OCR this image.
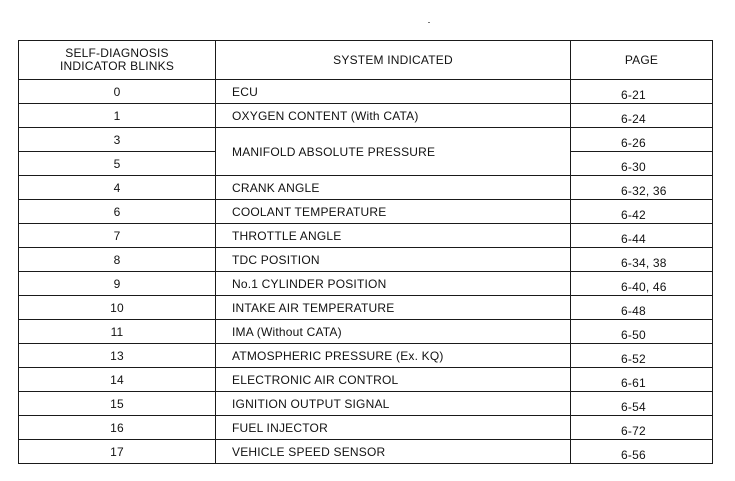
SELF-DIAGNOSIS
INDICATOR BLINKS	SYSTEM INDICATED	PAGE
0	ECU	6-21
1	OXYGEN CONTENT (With CATA)	6-24
3	MANIFOLD ABSOLUTE PRESSURE	6-26
5		6-30
4	CRANK ANGLE	6-32, 36
6	COOLANT TEMPERATURE	6-42
7	THROTTLE ANGLE	6-44
8	TDC POSITION	6-34, 38
9	No.1 CYLINDER POSITION	6-40, 46
10	INTAKE AIR TEMPERATURE	6-48
11	IMA (Without CATA)	6-50
13	ATMOSPHERIC PRESSURE (Ex. KQ)	6-52
14	ELECTRONIC AIR CONTROL	6-61
15	IGNITION OUTPUT SIGNAL	6-54
16	FUEL INJECTOR	6-72
17	VEHICLE SPEED SENSOR	6-56
